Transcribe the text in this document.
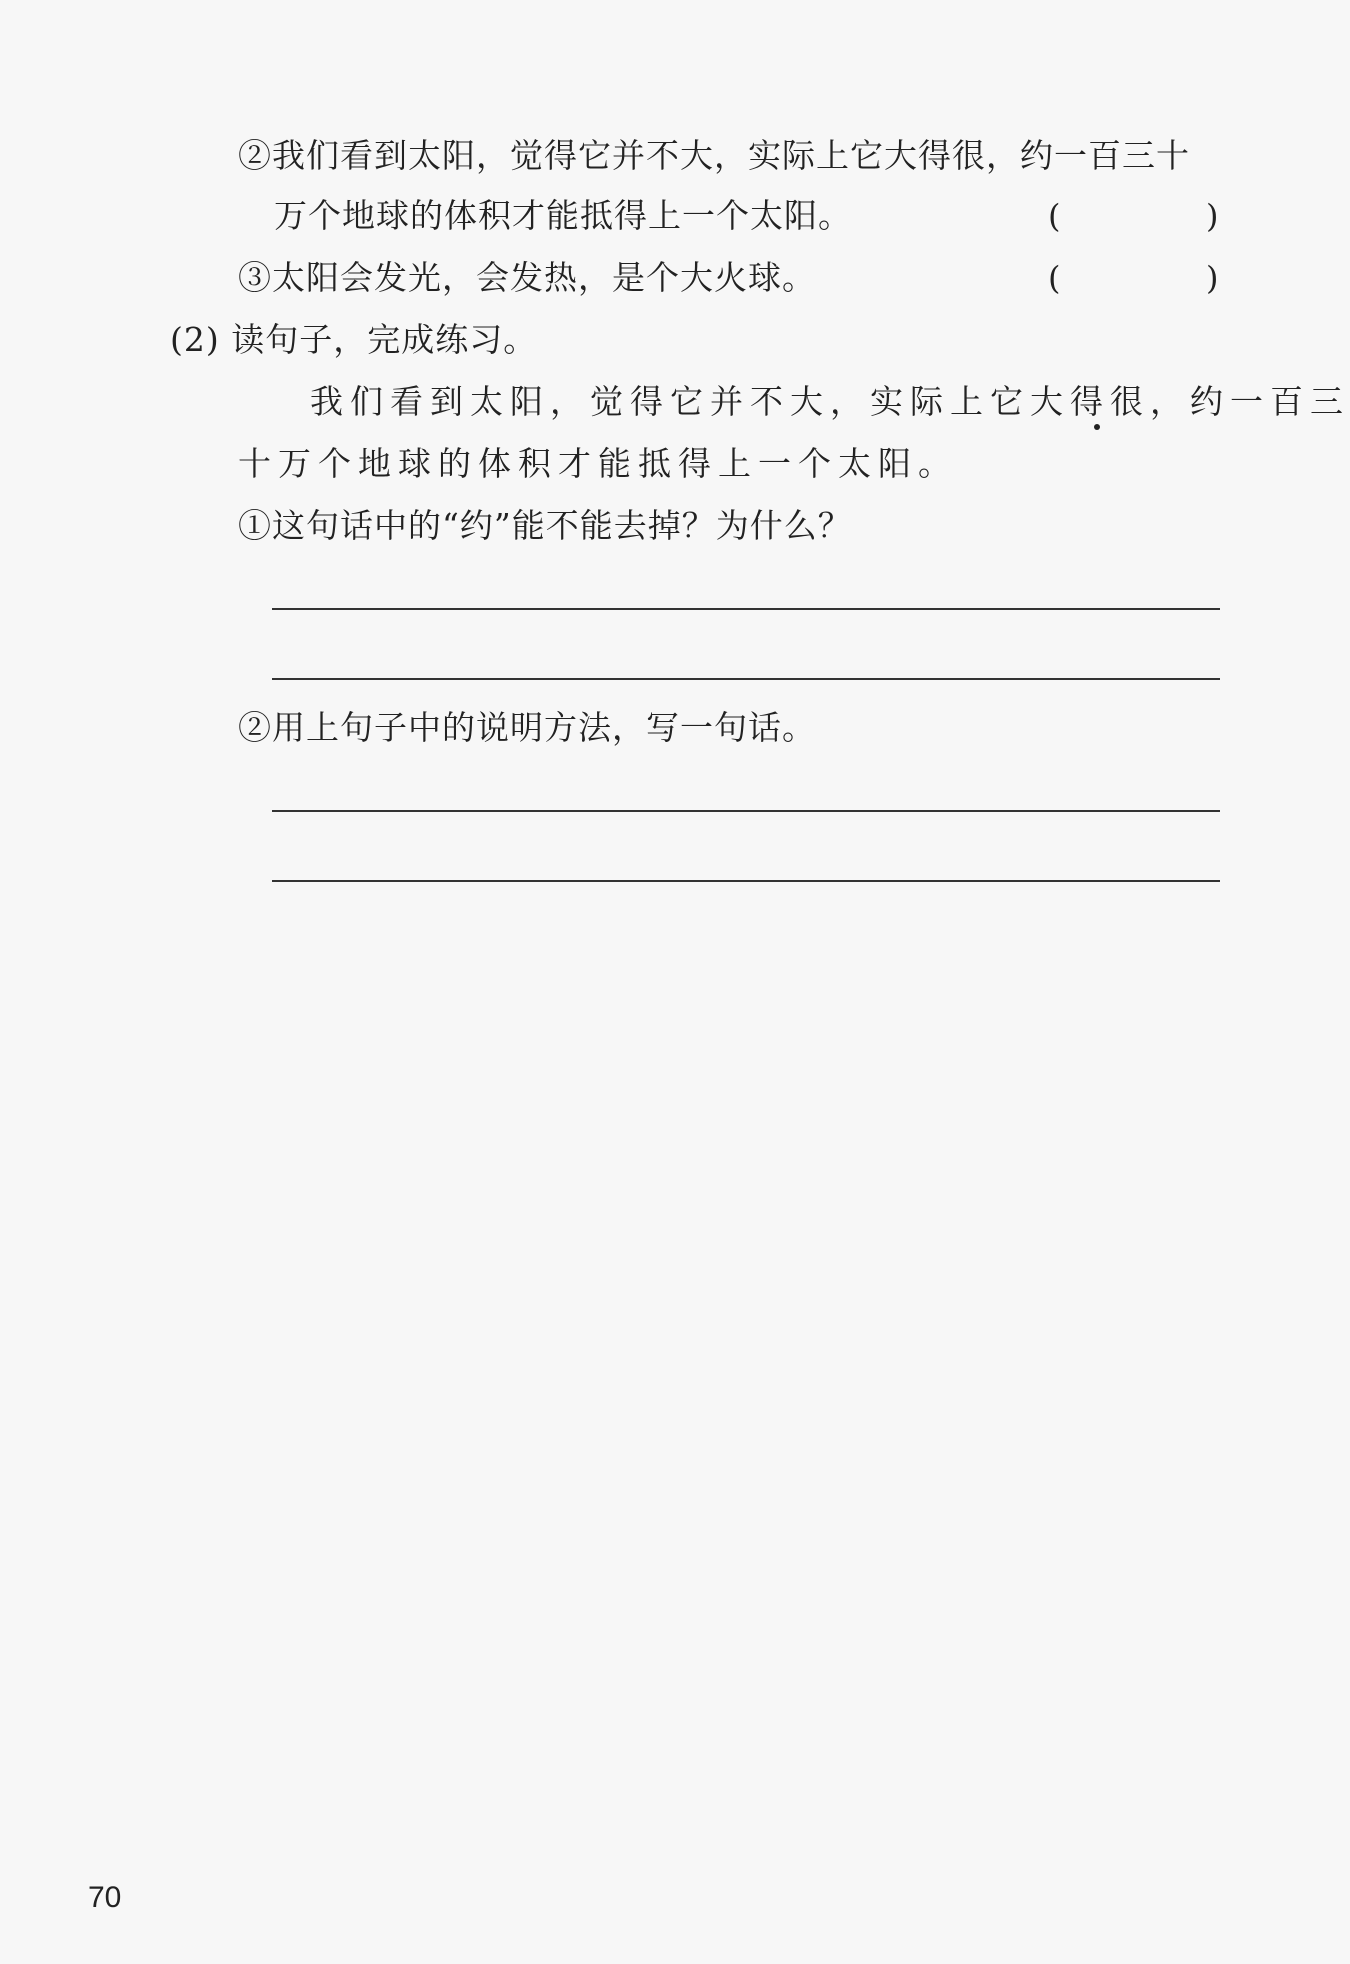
②我们看到太阳，觉得它并不大，实际上它大得很，约一百三十
万个地球的体积才能抵得上一个太阳。	(	)
③太阳会发光，会发热，是个大火球。	(	)
(2) 读句子，完成练习。
我们看到太阳，觉得它并不大，实际上它大得很，约一百三
十万个地球的体积才能抵得上一个太阳。
①这句话中的“约”能不能去掉？为什么？
②用上句子中的说明方法，写一句话。
70
